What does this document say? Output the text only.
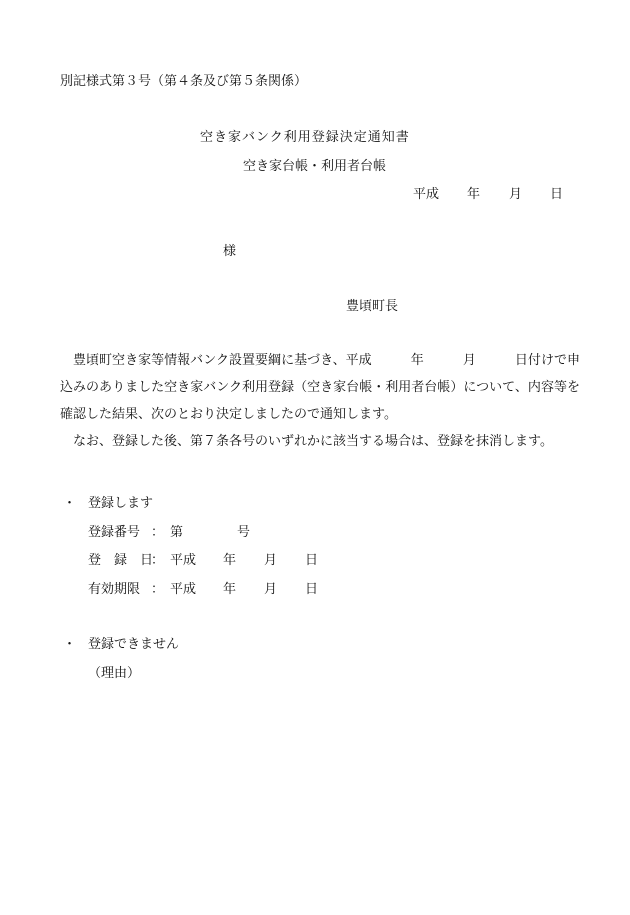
別記様式第３号（第４条及び第５条関係）
空き家バンク利用登録決定通知書
空き家台帳・利用者台帳
平成 年 月 日
様
豊頃町長

豊頃町空き家等情報バンク設置要綱に基づき、平成　　　年　　　月　　　日付けで申込みのありました空き家バンク利用登録（空き家台帳・利用者台帳）について、内容等を確認した結果、次のとおり決定しましたので通知します。

なお、登録した後、第７条各号のいずれかに該当する場合は、登録を抹消します。

・ 登録します
登録番号 ： 第	号
登　録　日
： 平成 年 月 日
有効期限 ： 平成 年 月 日
・ 登録できません
（理由）
